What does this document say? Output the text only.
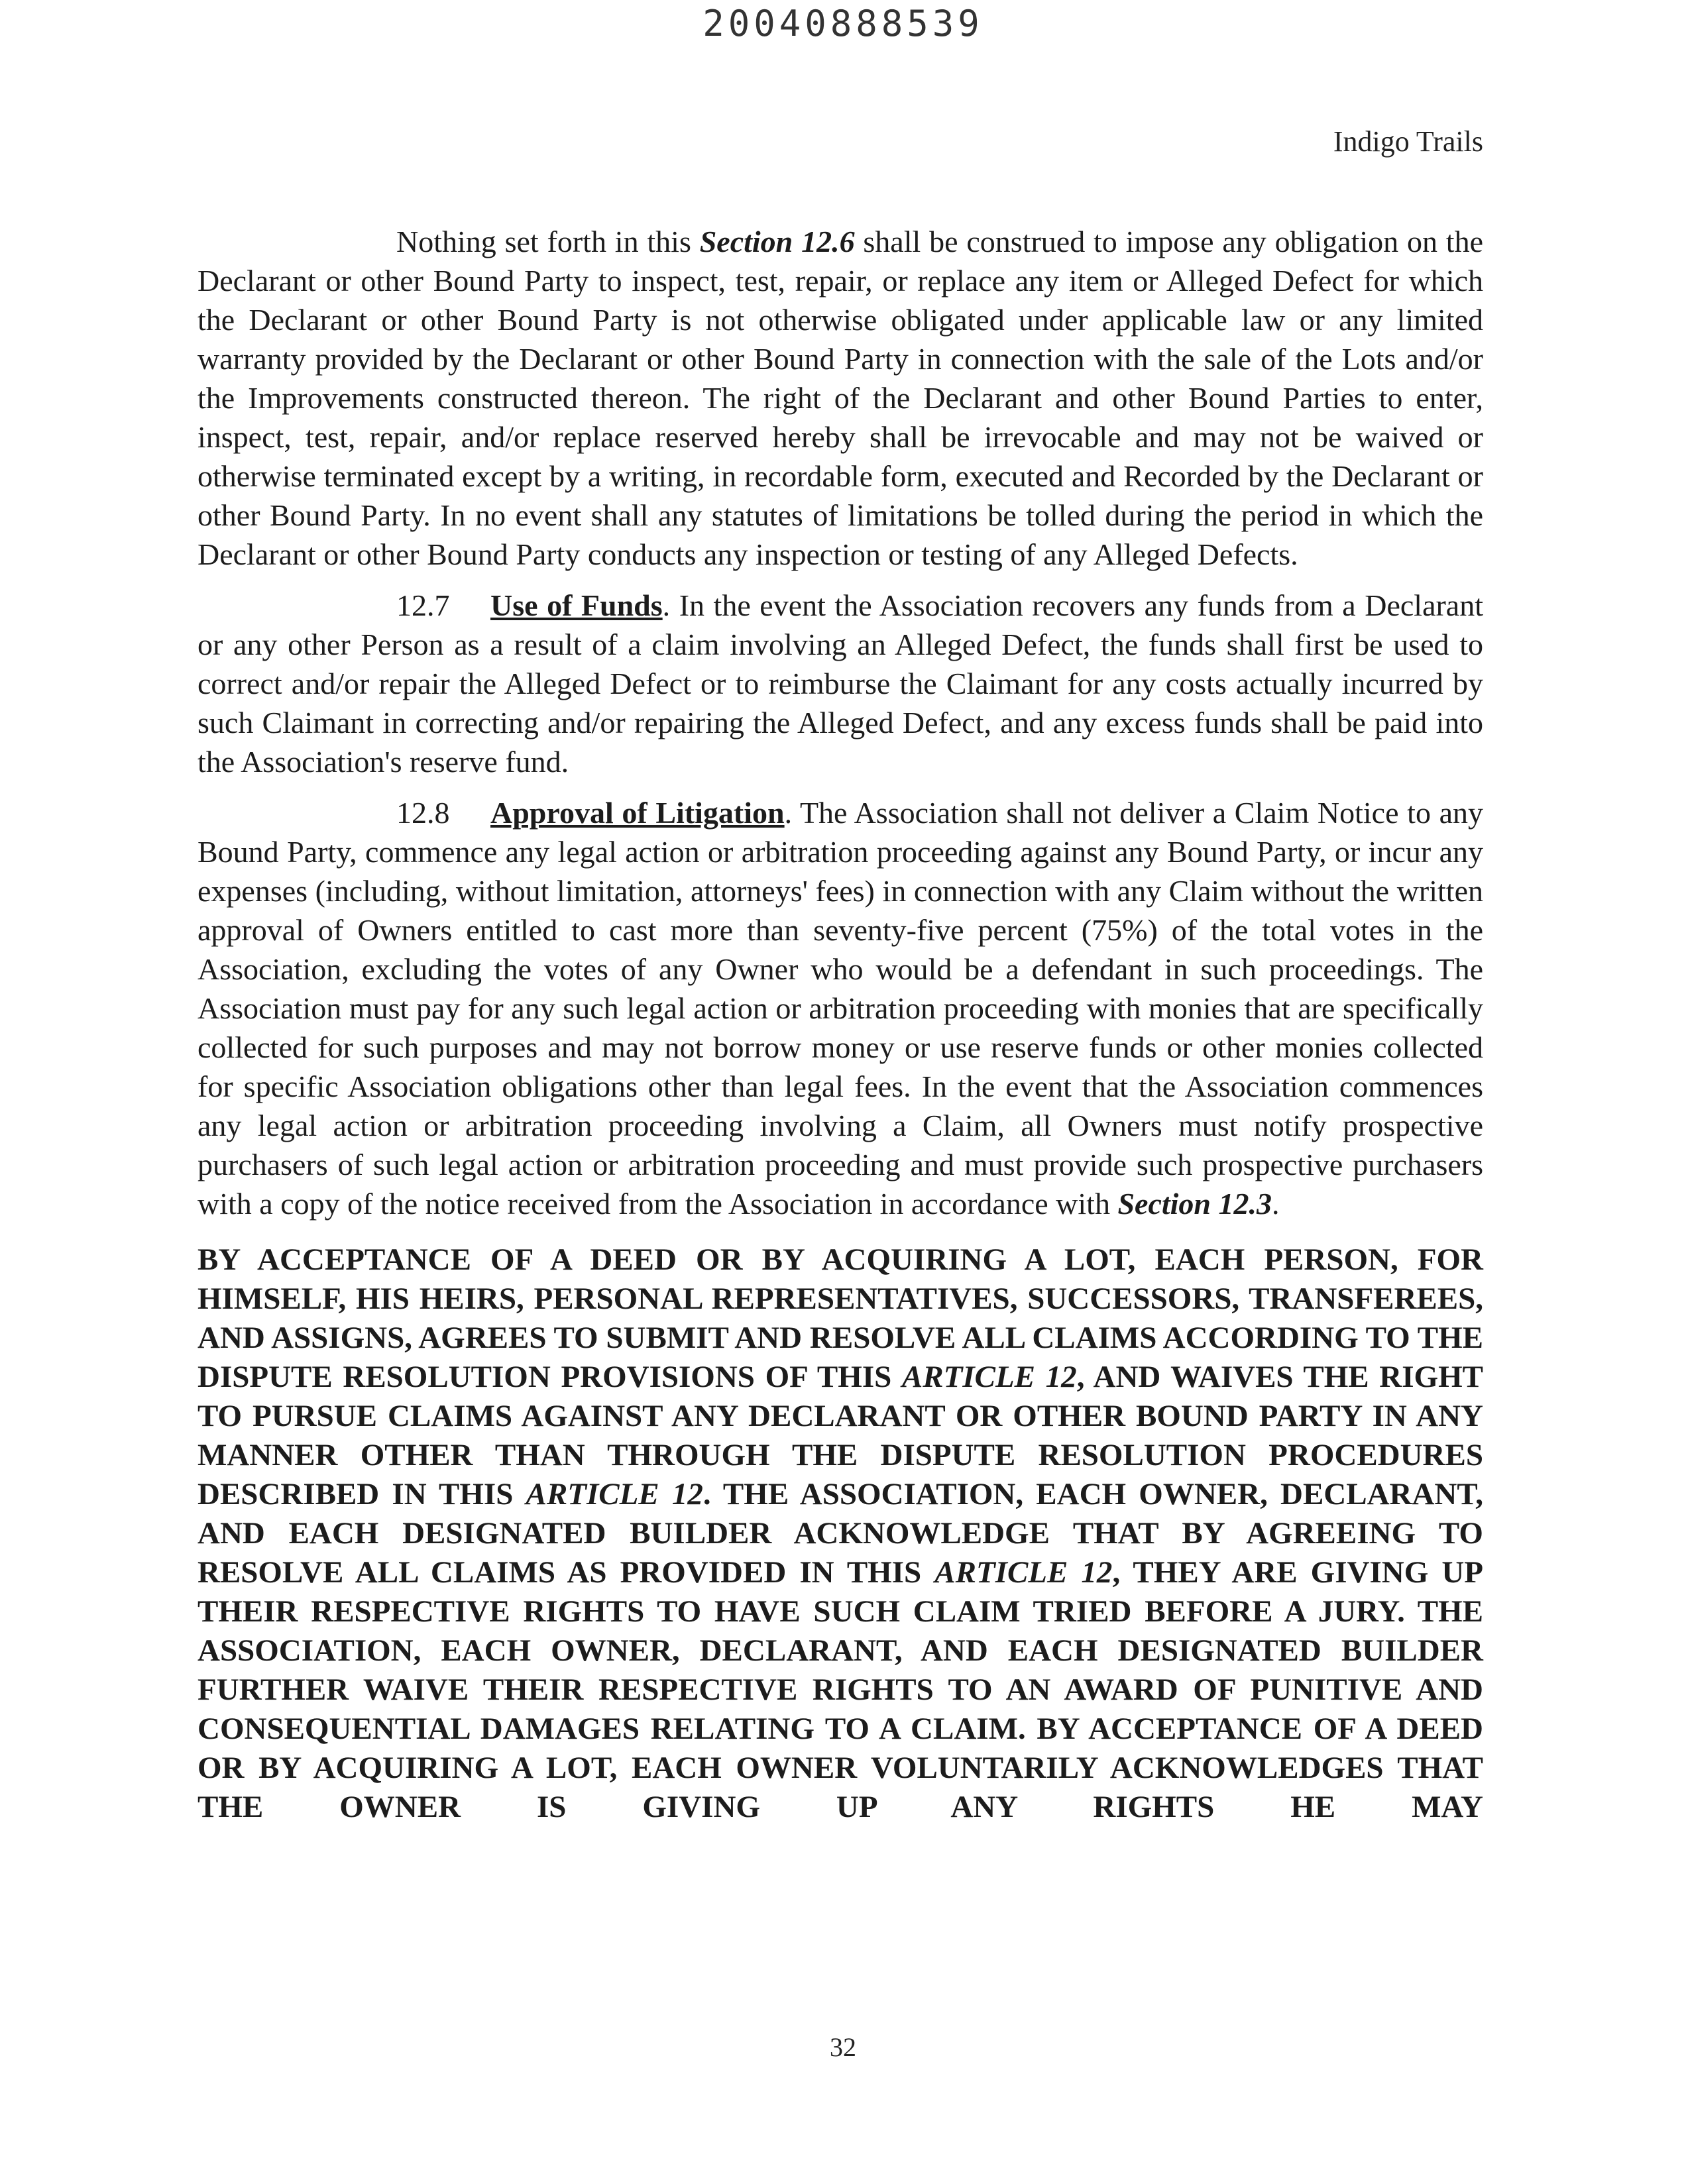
20040888539
Indigo Trails

Nothing set forth in this Section 12.6 shall be construed to impose any obligation on the Declarant or other Bound Party to inspect, test, repair, or replace any item or Alleged Defect for which the Declarant or other Bound Party is not otherwise obligated under applicable law or any limited warranty provided by the Declarant or other Bound Party in connection with the sale of the Lots and/or the Improvements constructed thereon. The right of the Declarant and other Bound Parties to enter, inspect, test, repair, and/or replace reserved hereby shall be irrevocable and may not be waived or otherwise terminated except by a writing, in recordable form, executed and Recorded by the Declarant or other Bound Party. In no event shall any statutes of limitations be tolled during the period in which the Declarant or other Bound Party conducts any inspection or testing of any Alleged Defects.

12.7 Use of Funds. In the event the Association recovers any funds from a Declarant or any other Person as a result of a claim involving an Alleged Defect, the funds shall first be used to correct and/or repair the Alleged Defect or to reimburse the Claimant for any costs actually incurred by such Claimant in correcting and/or repairing the Alleged Defect, and any excess funds shall be paid into the Association's reserve fund.

12.8 Approval of Litigation. The Association shall not deliver a Claim Notice to any Bound Party, commence any legal action or arbitration proceeding against any Bound Party, or incur any expenses (including, without limitation, attorneys' fees) in connection with any Claim without the written approval of Owners entitled to cast more than seventy-five percent (75%) of the total votes in the Association, excluding the votes of any Owner who would be a defendant in such proceedings. The Association must pay for any such legal action or arbitration proceeding with monies that are specifically collected for such purposes and may not borrow money or use reserve funds or other monies collected for specific Association obligations other than legal fees. In the event that the Association commences any legal action or arbitration proceeding involving a Claim, all Owners must notify prospective purchasers of such legal action or arbitration proceeding and must provide such prospective purchasers with a copy of the notice received from the Association in accordance with Section 12.3.

BY ACCEPTANCE OF A DEED OR BY ACQUIRING A LOT, EACH PERSON, FOR HIMSELF, HIS HEIRS, PERSONAL REPRESENTATIVES, SUCCESSORS, TRANSFEREES, AND ASSIGNS, AGREES TO SUBMIT AND RESOLVE ALL CLAIMS ACCORDING TO THE DISPUTE RESOLUTION PROVISIONS OF THIS ARTICLE 12, AND WAIVES THE RIGHT TO PURSUE CLAIMS AGAINST ANY DECLARANT OR OTHER BOUND PARTY IN ANY MANNER OTHER THAN THROUGH THE DISPUTE RESOLUTION PROCEDURES DESCRIBED IN THIS ARTICLE 12. THE ASSOCIATION, EACH OWNER, DECLARANT, AND EACH DESIGNATED BUILDER ACKNOWLEDGE THAT BY AGREEING TO RESOLVE ALL CLAIMS AS PROVIDED IN THIS ARTICLE 12, THEY ARE GIVING UP THEIR RESPECTIVE RIGHTS TO HAVE SUCH CLAIM TRIED BEFORE A JURY. THE ASSOCIATION, EACH OWNER, DECLARANT, AND EACH DESIGNATED BUILDER FURTHER WAIVE THEIR RESPECTIVE RIGHTS TO AN AWARD OF PUNITIVE AND CONSEQUENTIAL DAMAGES RELATING TO A CLAIM. BY ACCEPTANCE OF A DEED OR BY ACQUIRING A LOT, EACH OWNER VOLUNTARILY ACKNOWLEDGES THAT THE OWNER IS GIVING UP ANY RIGHTS HE MAY

32
